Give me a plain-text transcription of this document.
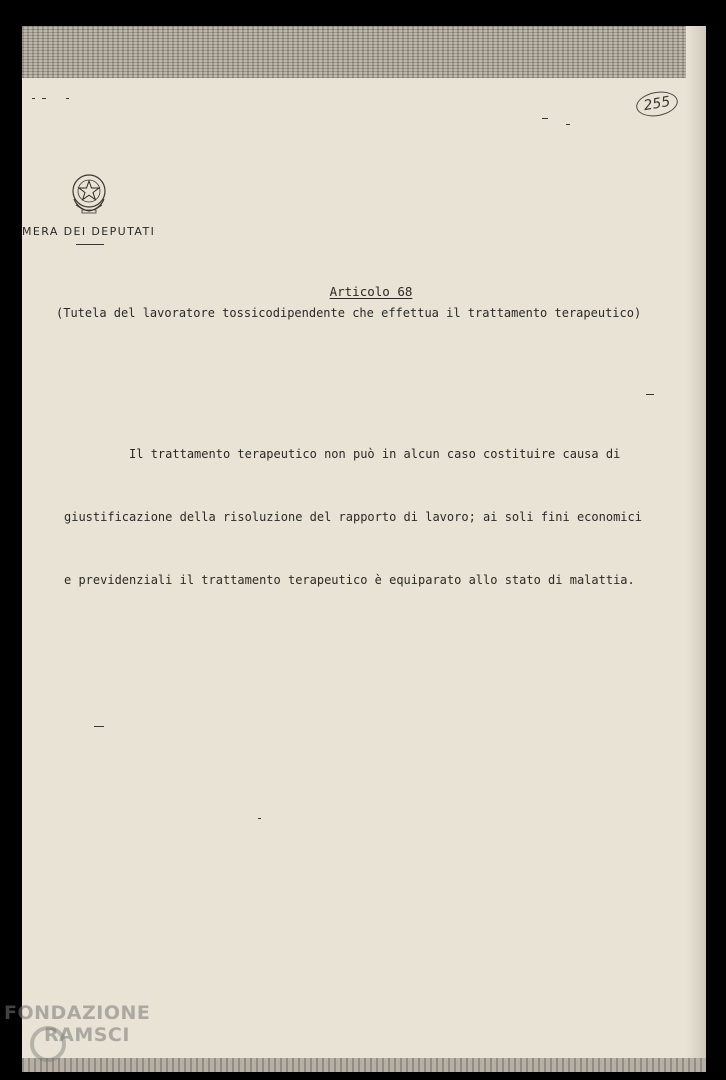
255
MERA DEI DEPUTATI
Articolo 68
(Tutela del lavoratore tossicodipendente che effettua il trattamento terapeutico)

Il trattamento terapeutico non può in alcun caso costituire causa di

giustificazione della risoluzione del rapporto di lavoro; ai soli fini economici

e previdenziali il trattamento terapeutico è equiparato allo stato di malattia.

FONDAZIONE
RAMSCI
